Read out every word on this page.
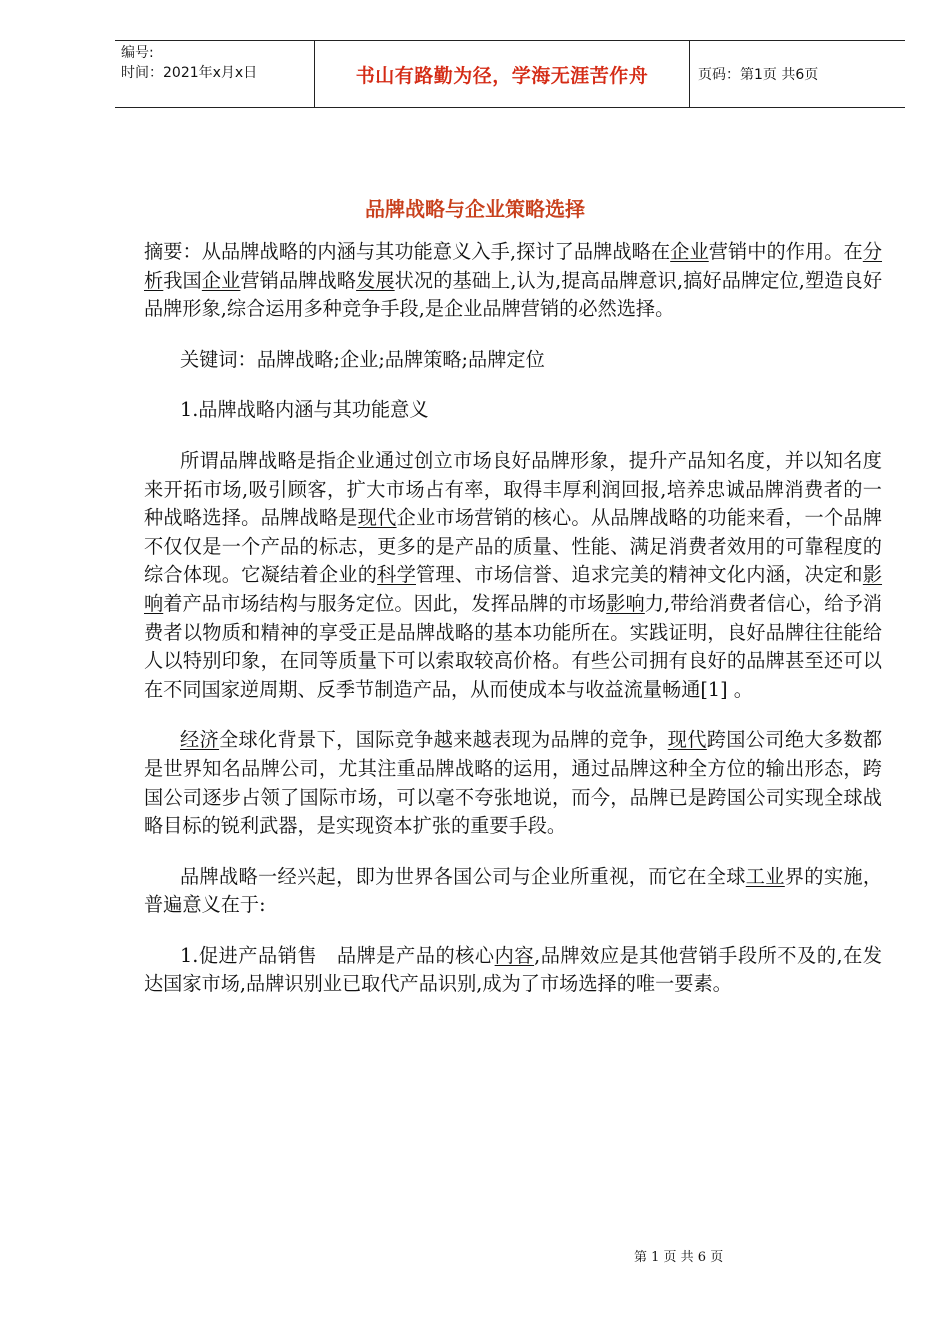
编号:
时间：2021年x月x日	书山有路勤为径，学海无涯苦作舟	页码：第1页 共6页
品牌战略与企业策略选择

摘要：从品牌战略的内涵与其功能意义入手,探讨了品牌战略在企业营销中的作用。在分析我国企业营销品牌战略发展状况的基础上,认为,提高品牌意识,搞好品牌定位,塑造良好品牌形象,综合运用多种竞争手段,是企业品牌营销的必然选择。

关键词：品牌战略;企业;品牌策略;品牌定位

1.品牌战略内涵与其功能意义

所谓品牌战略是指企业通过创立市场良好品牌形象，提升产品知名度，并以知名度来开拓市场,吸引顾客，扩大市场占有率，取得丰厚利润回报,培养忠诚品牌消费者的一种战略选择。品牌战略是现代企业市场营销的核心。从品牌战略的功能来看，一个品牌不仅仅是一个产品的标志，更多的是产品的质量、性能、满足消费者效用的可靠程度的综合体现。它凝结着企业的科学管理、市场信誉、追求完美的精神文化内涵，决定和影响着产品市场结构与服务定位。因此，发挥品牌的市场影响力,带给消费者信心，给予消费者以物质和精神的享受正是品牌战略的基本功能所在。实践证明，良好品牌往往能给人以特别印象，在同等质量下可以索取较高价格。有些公司拥有良好的品牌甚至还可以在不同国家逆周期、反季节制造产品，从而使成本与收益流量畅通[1] 。

经济全球化背景下，国际竞争越来越表现为品牌的竞争，现代跨国公司绝大多数都是世界知名品牌公司，尤其注重品牌战略的运用，通过品牌这种全方位的输出形态，跨国公司逐步占领了国际市场，可以毫不夸张地说，而今，品牌已是跨国公司实现全球战略目标的锐利武器，是实现资本扩张的重要手段。

品牌战略一经兴起，即为世界各国公司与企业所重视，而它在全球工业界的实施，普遍意义在于:

1.促进产品销售　品牌是产品的核心内容,品牌效应是其他营销手段所不及的,在发达国家市场,品牌识别业已取代产品识别,成为了市场选择的唯一要素。

第 1 页 共 6 页
